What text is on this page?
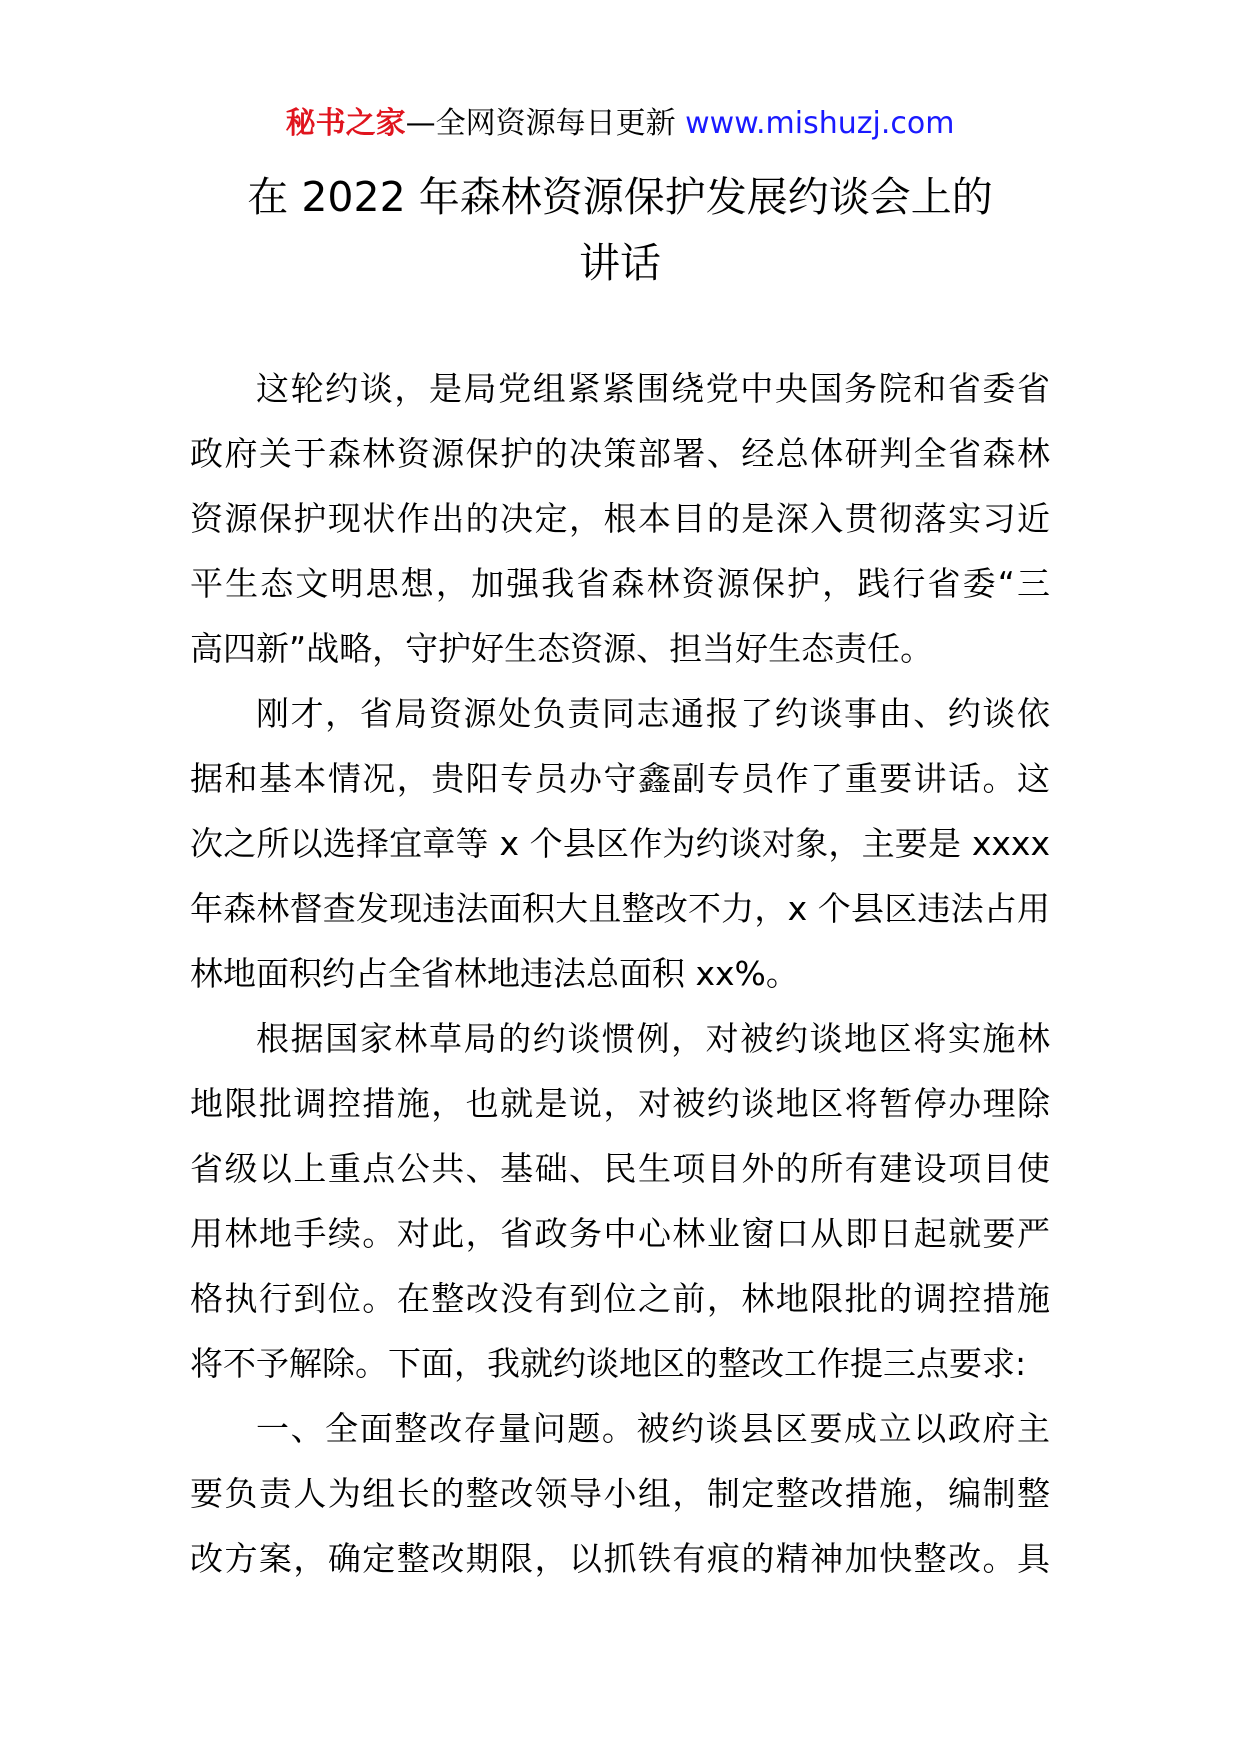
秘书之家—全网资源每日更新 www.mishuzj.com
在 2022 年森林资源保护发展约谈会上的
讲话
这轮约谈，是局党组紧紧围绕党中央国务院和省委省
政府关于森林资源保护的决策部署、经总体研判全省森林
资源保护现状作出的决定，根本目的是深入贯彻落实习近
平生态文明思想，加强我省森林资源保护，践行省委“三
高四新”战略，守护好生态资源、担当好生态责任。
刚才，省局资源处负责同志通报了约谈事由、约谈依
据和基本情况，贵阳专员办守鑫副专员作了重要讲话。这
次之所以选择宜章等 x 个县区作为约谈对象，主要是 xxxx
年森林督查发现违法面积大且整改不力，x 个县区违法占用
林地面积约占全省林地违法总面积 xx%。
根据国家林草局的约谈惯例，对被约谈地区将实施林
地限批调控措施，也就是说，对被约谈地区将暂停办理除
省级以上重点公共、基础、民生项目外的所有建设项目使
用林地手续。对此，省政务中心林业窗口从即日起就要严
格执行到位。在整改没有到位之前，林地限批的调控措施
将不予解除。下面，我就约谈地区的整改工作提三点要求:
一、全面整改存量问题。被约谈县区要成立以政府主
要负责人为组长的整改领导小组，制定整改措施，编制整
改方案，确定整改期限，以抓铁有痕的精神加快整改。具
